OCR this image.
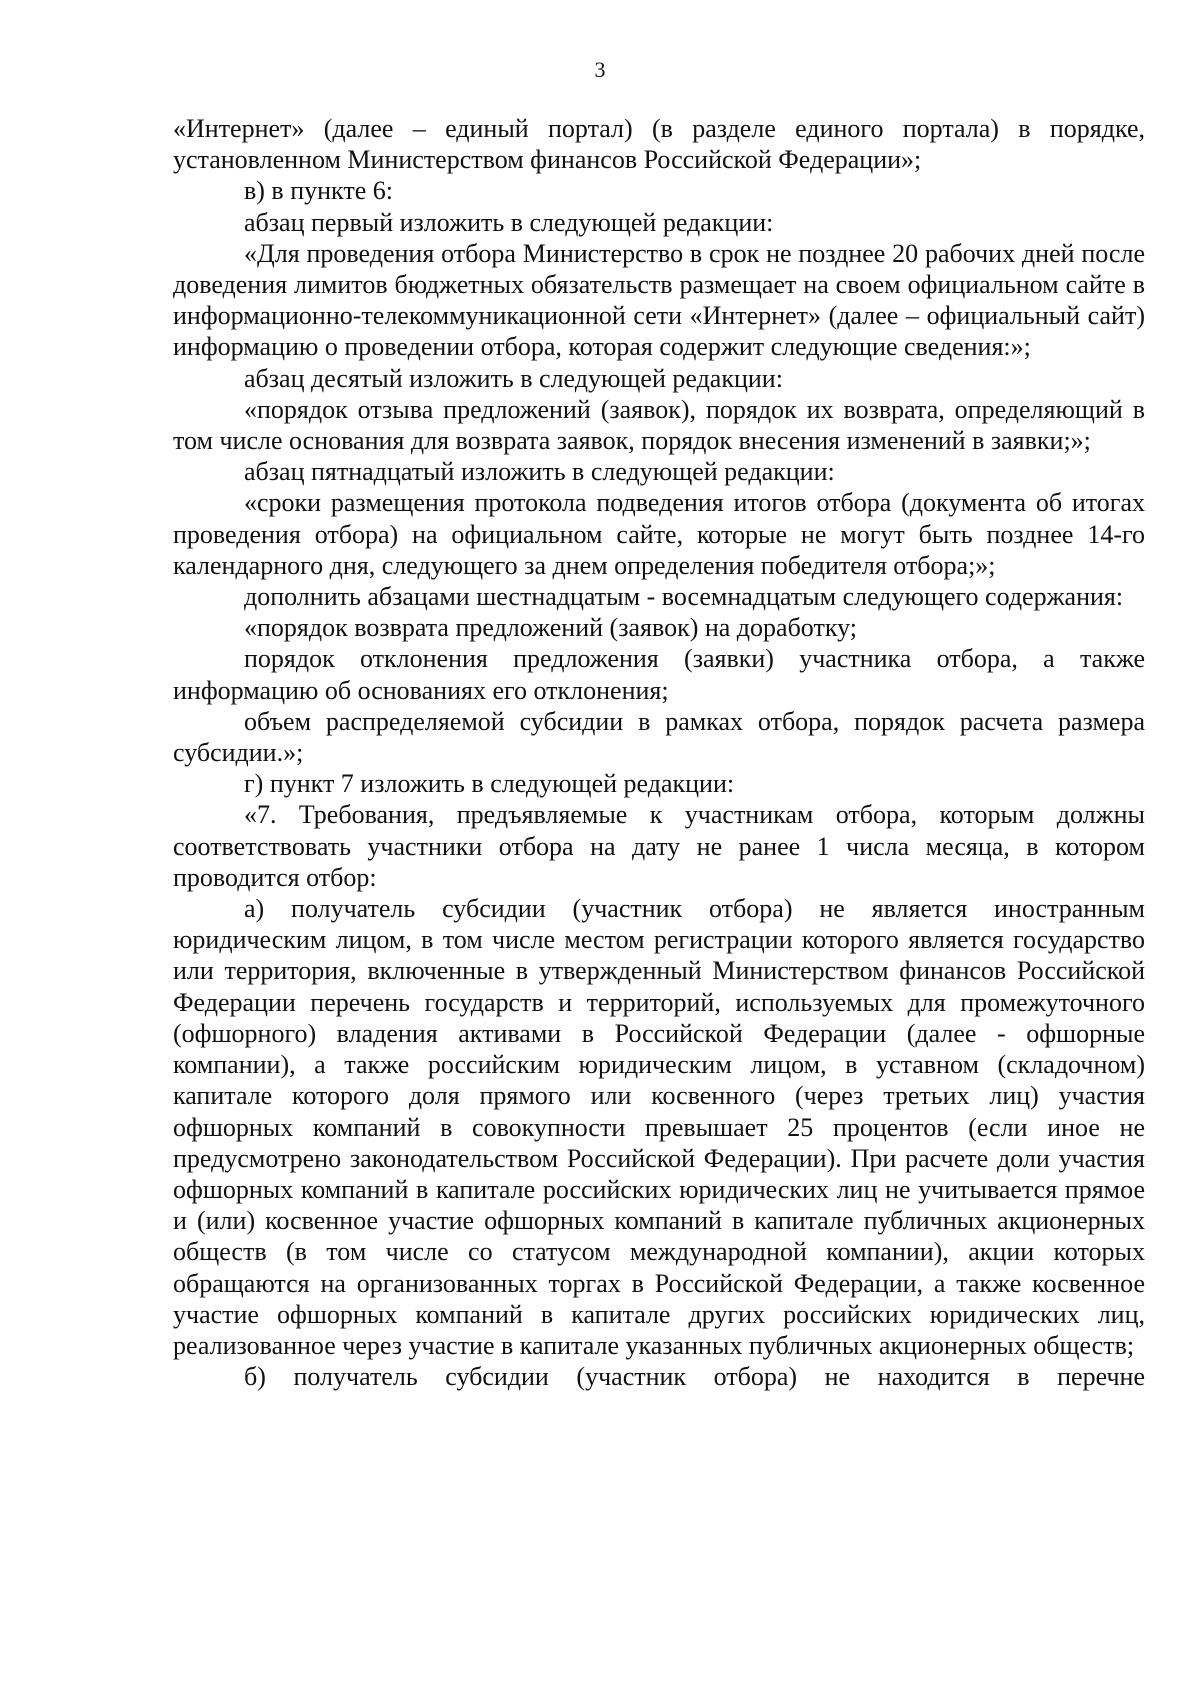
3

«Интернет» (далее – единый портал) (в разделе единого портала) в порядке, установленном Министерством финансов Российской Федерации»;

в) в пункте 6:

абзац первый изложить в следующей редакции:

«Для проведения отбора Министерство в срок не позднее 20 рабочих дней после доведения лимитов бюджетных обязательств размещает на своем официальном сайте в информационно-телекоммуникационной сети «Интернет» (далее – официальный сайт) информацию о проведении отбора, которая содержит следующие сведения:»;

абзац десятый изложить в следующей редакции:

«порядок отзыва предложений (заявок), порядок их возврата, определяющий в том числе основания для возврата заявок, порядок внесения изменений в заявки;»;

абзац пятнадцатый изложить в следующей редакции:

«сроки размещения протокола подведения итогов отбора (документа об итогах проведения отбора) на официальном сайте, которые не могут быть позднее 14-го календарного дня, следующего за днем определения победителя отбора;»;

дополнить абзацами шестнадцатым - восемнадцатым следующего содержания:

«порядок возврата предложений (заявок) на доработку;

порядок отклонения предложения (заявки) участника отбора, а также информацию об основаниях его отклонения;

объем распределяемой субсидии в рамках отбора, порядок расчета размера субсидии.»;

г) пункт 7 изложить в следующей редакции:

«7. Требования, предъявляемые к участникам отбора, которым должны соответствовать участники отбора на дату не ранее 1 числа месяца, в котором проводится отбор:

а) получатель субсидии (участник отбора) не является иностранным юридическим лицом, в том числе местом регистрации которого является государство или территория, включенные в утвержденный Министерством финансов Российской Федерации перечень государств и территорий, используемых для промежуточного (офшорного) владения активами в Российской Федерации (далее - офшорные компании), а также российским юридическим лицом, в уставном (складочном) капитале которого доля прямого или косвенного (через третьих лиц) участия офшорных компаний в совокупности превышает 25 процентов (если иное не предусмотрено законодательством Российской Федерации). При расчете доли участия офшорных компаний в капитале российских юридических лиц не учитывается прямое и (или) косвенное участие офшорных компаний в капитале публичных акционерных обществ (в том числе со статусом международной компании), акции которых обращаются на организованных торгах в Российской Федерации, а также косвенное участие офшорных компаний в капитале других российских юридических лиц, реализованное через участие в капитале указанных публичных акционерных обществ;

б) получатель субсидии (участник отбора) не находится в перечне
